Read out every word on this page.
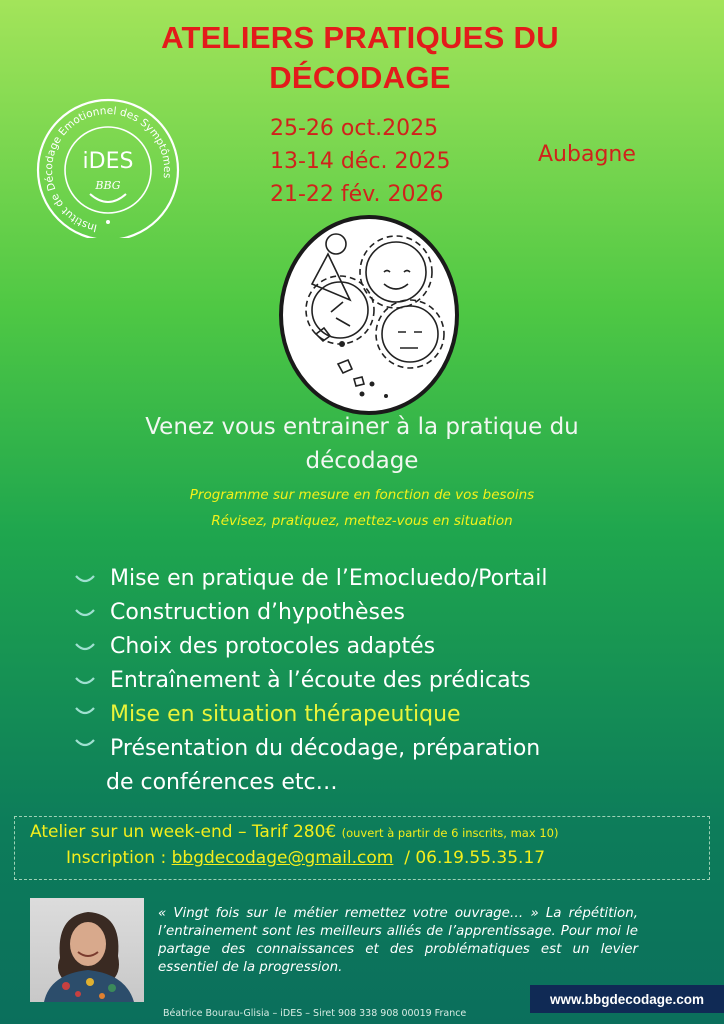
ATELIERS PRATIQUES DU
DÉCODAGE
Institut de Décodage Emotionnel des Symptômes
iDES
BBG
25-26 oct.2025
13-14 déc. 2025
21-22 fév. 2026
Aubagne
Venez vous entrainer à la pratique du
décodage
Programme sur mesure en fonction de vos besoins
Révisez, pratiquez, mettez-vous en situation
Mise en pratique de l’Emocluedo/Portail
Construction d’hypothèses
Choix des protocoles adaptés
Entraînement à l’écoute des prédicats
Mise en situation thérapeutique
Présentation du décodage, préparation
de conférences etc…
Atelier sur un week-end – Tarif 280€ (ouvert à partir de 6 inscrits, max 10)
Inscription : bbgdecodage@gmail.com / 06.19.55.35.17
« Vingt fois sur le métier remettez votre ouvrage… » La répétition, l’entrainement sont les meilleurs alliés de l’apprentissage. Pour moi le partage des connaissances et des problématiques est un levier essentiel de la progression.
Béatrice Bourau-Glisia – iDES – Siret 908 338 908 00019 France
www.bbgdecodage.com
